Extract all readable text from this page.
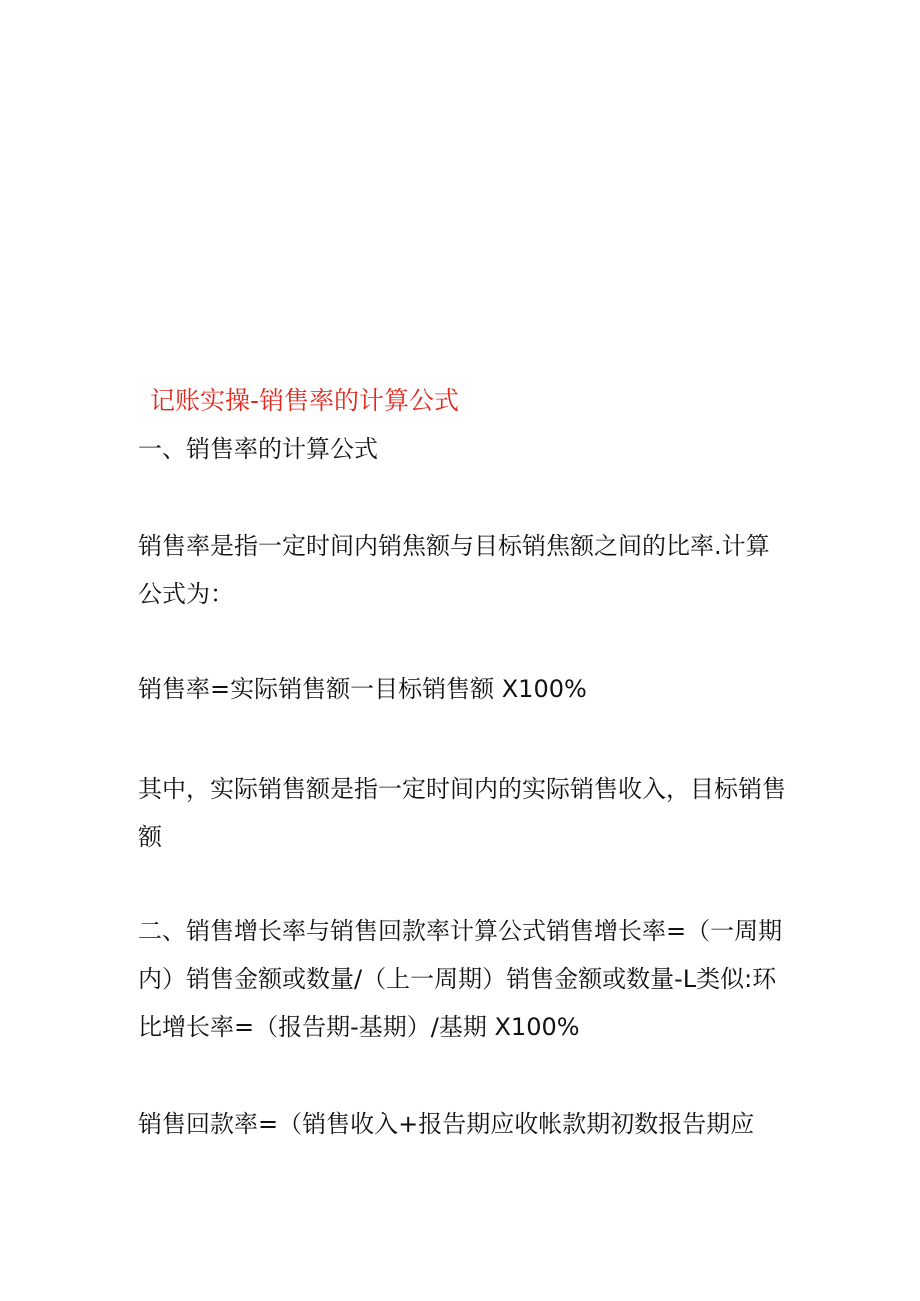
记账实操-销售率的计算公式
一、销售率的计算公式
销售率是指一定时间内销焦额与目标销焦额之间的比率.计算公式为：
销售率=实际销售额一目标销售额 X100%
其中，实际销售额是指一定时间内的实际销售收入，目标销售额
二、销售增长率与销售回款率计算公式销售增长率=（一周期内）销售金额或数量/（上一周期）销售金额或数量-L类似:环比增长率=（报告期-基期）/基期 X100%
销售回款率=（销售收入+报告期应收帐款期初数报告期应
